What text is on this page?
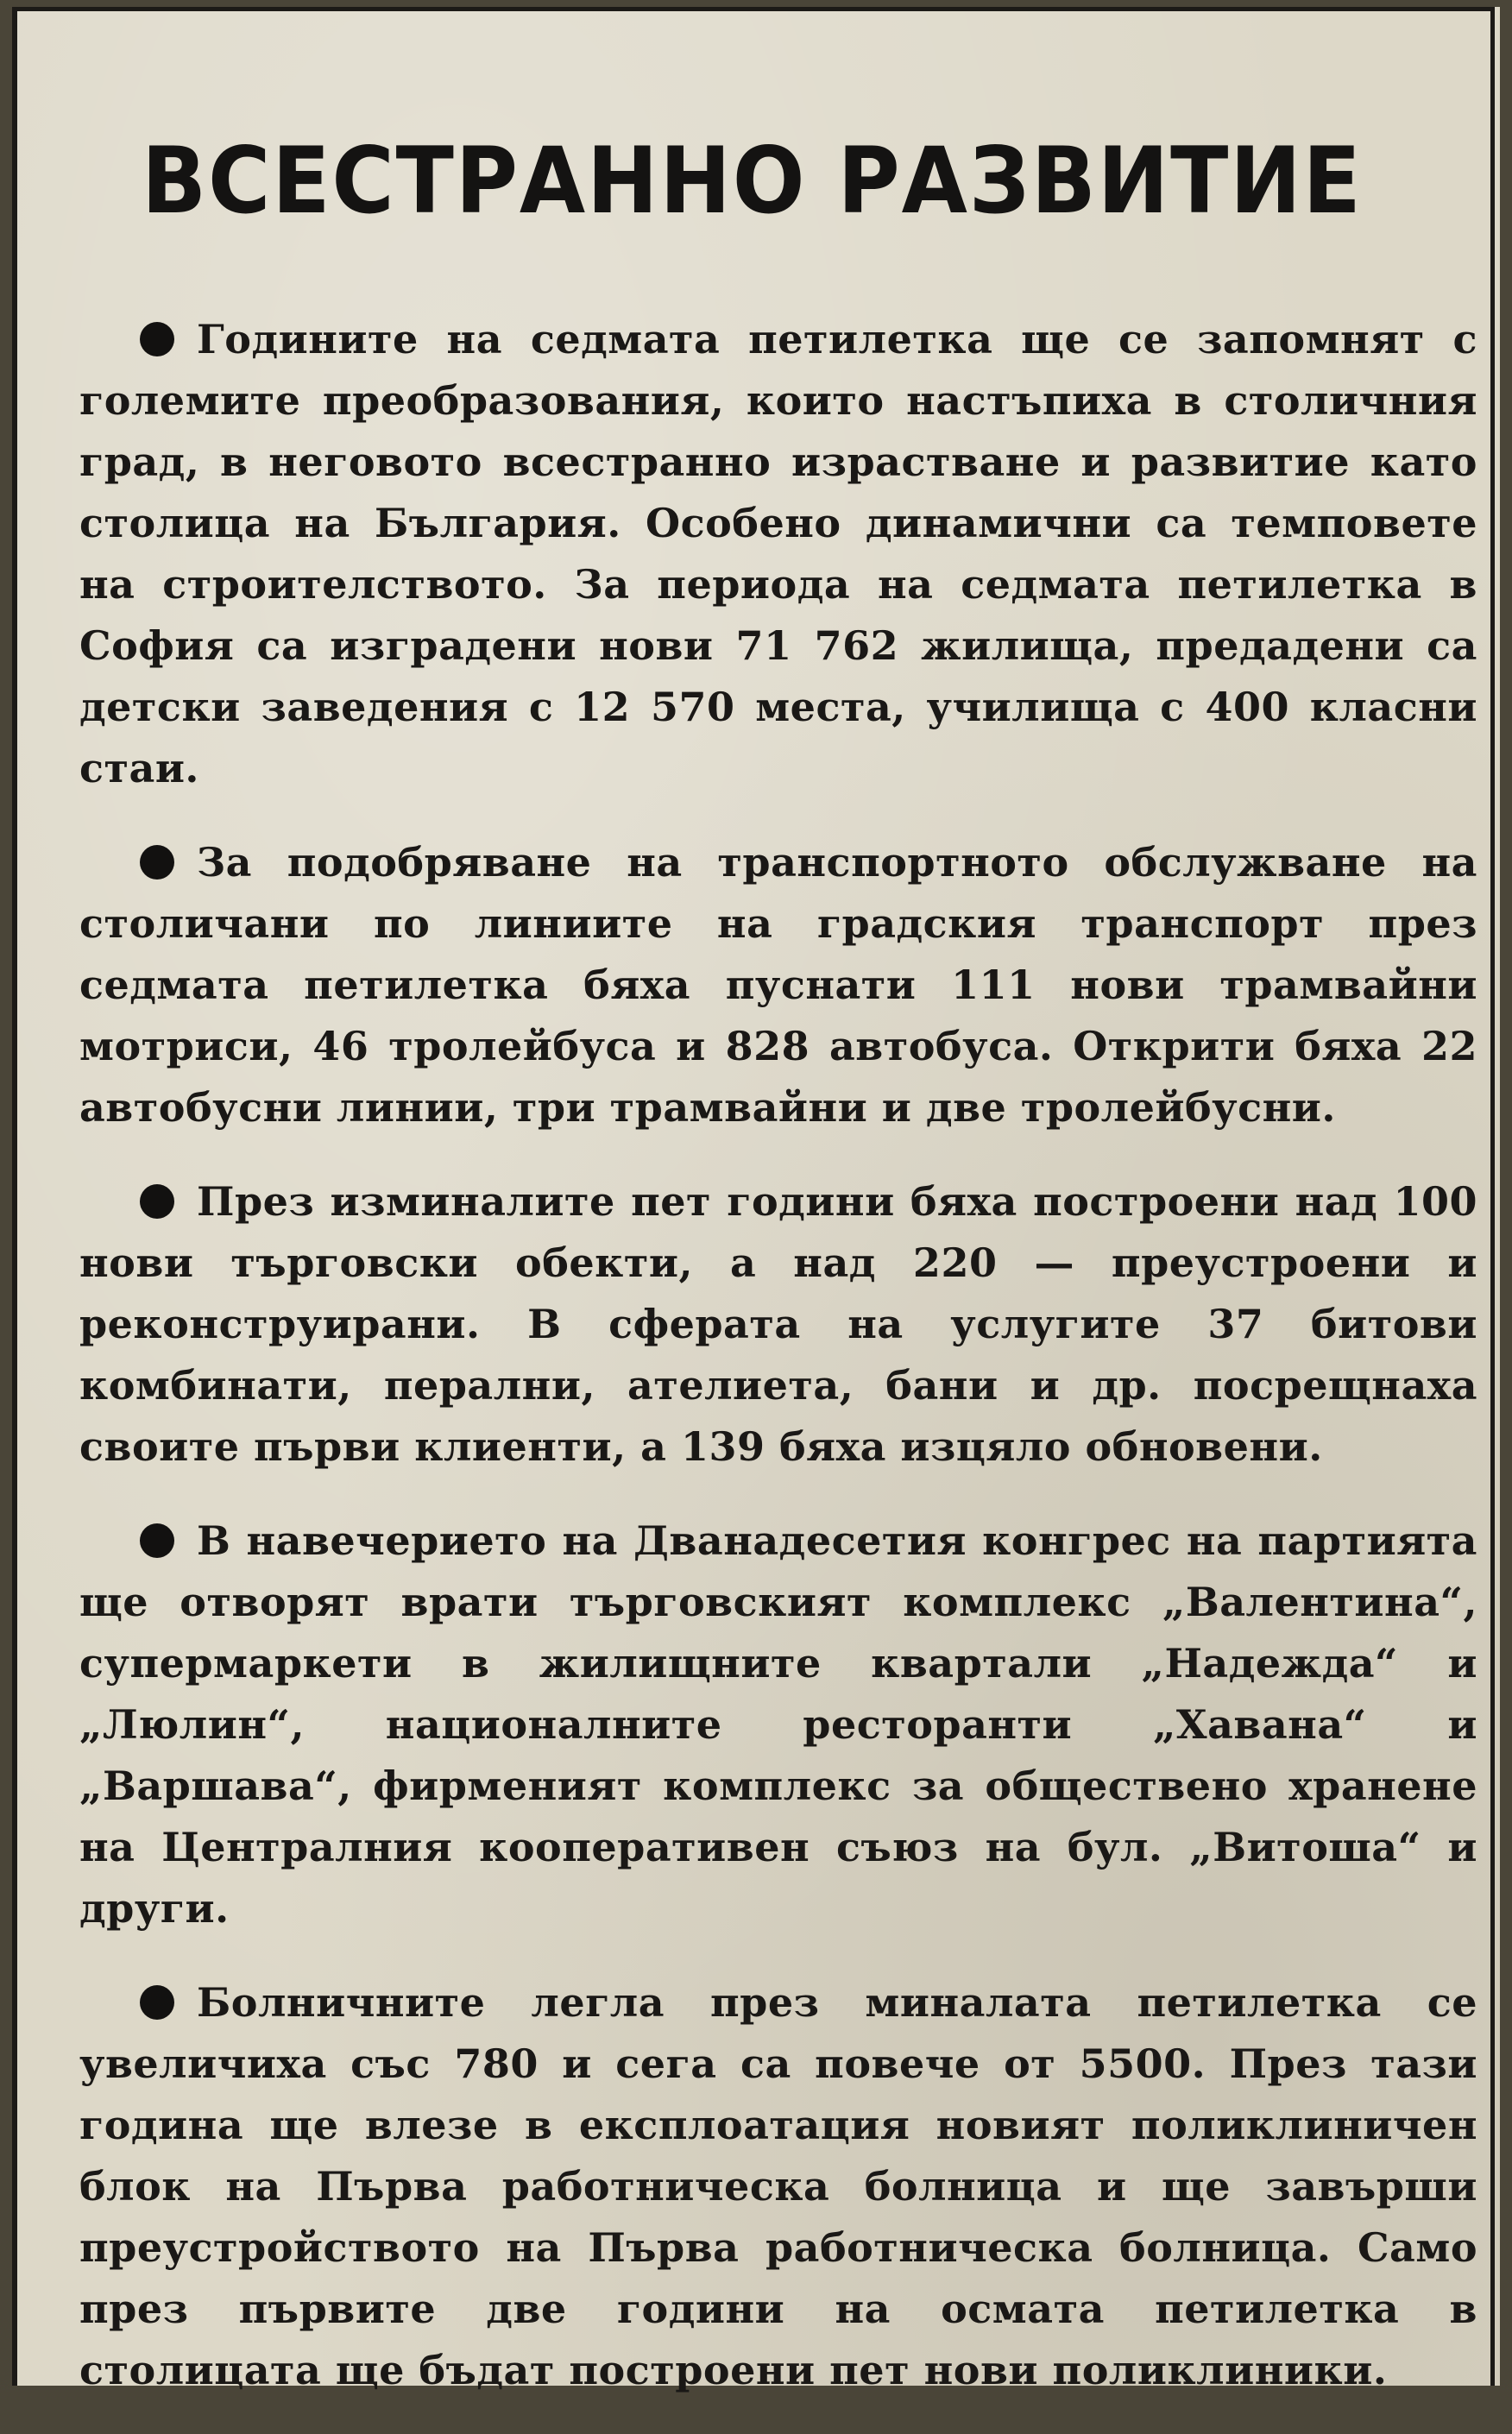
ВСЕСТРАННО РАЗВИТИЕ

Годините на седмата петилетка ще се запомнят с големите преобразования, които настъпиха в столичния град, в неговото всестранно израстване и развитие като столица на България. Особено динамични са темповете на строителството. За периода на седмата петилетка в София са изградени нови 71 762 жилища, предадени са детски заведения с 12 570 места, училища с 400 класни стаи.

За подобряване на транспортното обслужване на столичани по линиите на градския транспорт през седмата петилетка бяха пуснати 111 нови трамвайни мотриси, 46 тролейбуса и 828 автобуса. Открити бяха 22 автобусни линии, три трамвайни и две тролейбусни.

През изминалите пет години бяха построени над 100 нови търговски обекти, а над 220 — преустроени и реконструирани. В сферата на услугите 37 битови комбинати, перални, ателиета, бани и др. посрещнаха своите първи клиенти, а 139 бяха изцяло обновени.

В навечерието на Дванадесетия конгрес на партията ще отворят врати търговският комплекс „Валентина“, супермаркети в жилищните квартали „Надежда“ и „Люлин“, националните ресторанти „Хавана“ и „Варшава“, фирменият комплекс за обществено хранене на Централния кооперативен съюз на бул. „Витоша“ и други.

Болничните легла през миналата петилетка се увеличиха със 780 и сега са повече от 5500. През тази година ще влезе в експлоатация новият поликлиничен блок на Първа работническа болница и ще завърши преустройството на Първа работническа болница. Само през първите две години на осмата петилетка в столицата ще бъдат построени пет нови поликлиники.
